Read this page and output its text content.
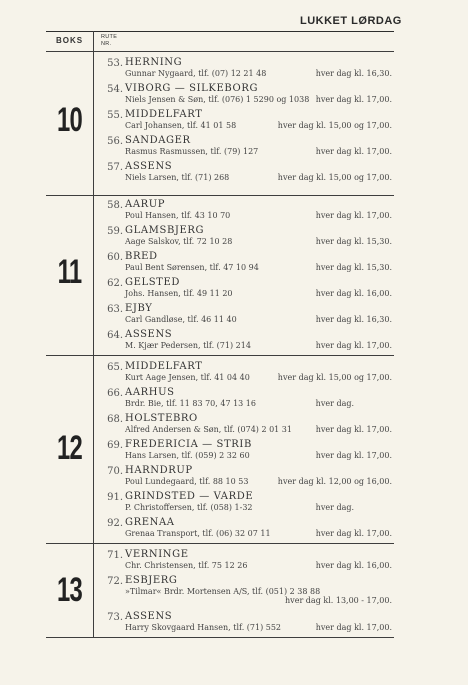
LUKKET LØRDAG
BOKS	RUTE
NR.
10
53. HERNING
Gunnar Nygaard, tlf. (07) 12 21 48	hver dag kl. 16,30.
54. VIBORG — SILKEBORG
Niels Jensen & Søn, tlf. (076) 1 5290 og 1038 hver dag kl. 17,00.
55. MIDDELFART
Carl Johansen, tlf. 41 01 58	hver dag kl. 15,00 og 17,00.
56. SANDAGER
Rasmus Rasmussen, tlf. (79) 127	hver dag kl. 17,00.
57. ASSENS
Niels Larsen, tlf. (71) 268	hver dag kl. 15,00 og 17,00.
11
58. AARUP
Poul Hansen, tlf. 43 10 70	hver dag kl. 17,00.
59. GLAMSBJERG
Aage Salskov, tlf. 72 10 28	hver dag kl. 15,30.
60. BRED
Paul Bent Sørensen, tlf. 47 10 94	hver dag kl. 15,30.
62. GELSTED
Johs. Hansen, tlf. 49 11 20	hver dag kl. 16,00.
63. EJBY
Carl Gandløse, tlf. 46 11 40	hver dag kl. 16,30.
64. ASSENS
M. Kjær Pedersen, tlf. (71) 214	hver dag kl. 17,00.
12
65. MIDDELFART
Kurt Aage Jensen, tlf. 41 04 40	hver dag kl. 15,00 og 17,00.
66. AARHUS
Brdr. Bie, tlf. 11 83 70, 47 13 16	hver dag.
68. HOLSTEBRO
Alfred Andersen & Søn, tlf. (074) 2 01 31	hver dag kl. 17,00.
69. FREDERICIA — STRIB
Hans Larsen, tlf. (059) 2 32 60	hver dag kl. 17,00.
70. HARNDRUP
Poul Lundegaard, tlf. 88 10 53	hver dag kl. 12,00 og 16,00.
91. GRINDSTED — VARDE
P. Christoffersen, tlf. (058) 1-32	hver dag.
92. GRENAA
Grenaa Transport, tlf. (06) 32 07 11	hver dag kl. 17,00.
13
71. VERNINGE
Chr. Christensen, tlf. 75 12 26	hver dag kl. 16,00.
72. ESBJERG
»Tilmar« Brdr. Mortensen A/S, tlf. (051) 2 38 88
hver dag kl. 13,00 - 17,00.
73. ASSENS
Harry Skovgaard Hansen, tlf. (71) 552	hver dag kl. 17,00.
